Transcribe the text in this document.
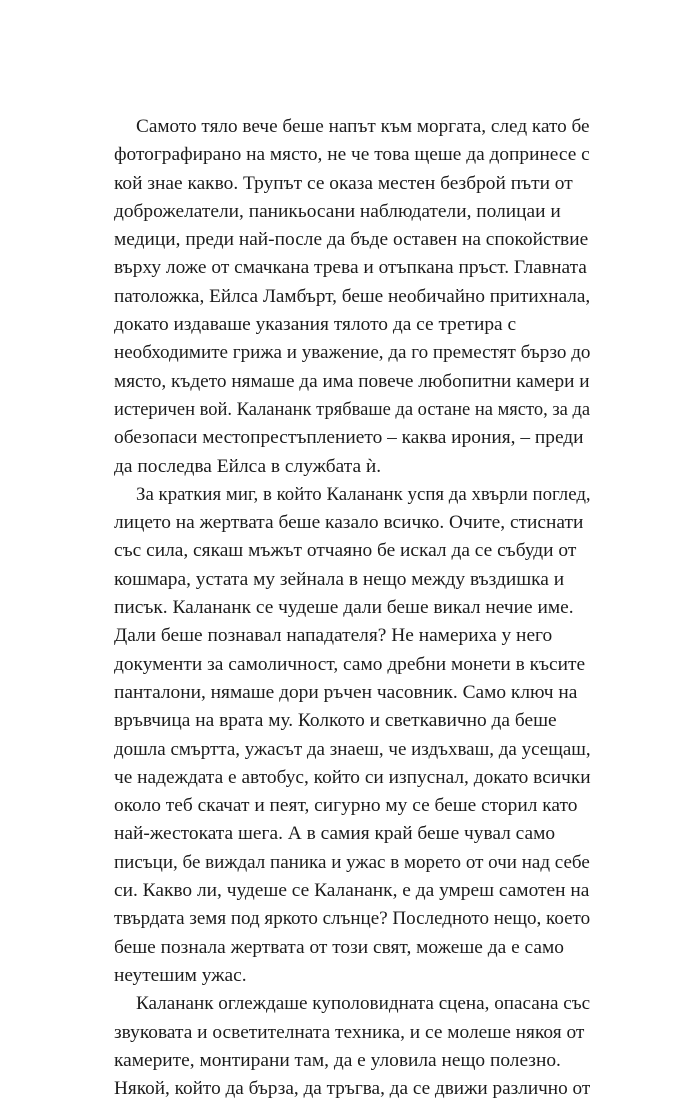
Самото тяло вече беше напът към моргата, след като бе
фотографирано на място, не че това щеше да допринесе с
кой знае какво. Трупът се оказа местен безброй пъти от
доброжелатели, паникьосани наблюдатели, полицаи и
медици, преди най-после да бъде оставен на спокойствие
върху ложе от смачкана трева и отъпкана пръст. Главната
патоложка, Ейлса Ламбърт, беше необичайно притихнала,
докато издаваше указания тялото да се третира с
необходимите грижа и уважение, да го преместят бързо до
място, където нямаше да има повече любопитни камери и
истеричен вой. Калананк трябваше да остане на място, за да
обезопаси местопрестъплението – каква ирония, – преди
да последва Ейлса в службата ѝ.
За краткия миг, в който Калананк успя да хвърли поглед,
лицето на жертвата беше казало всичко. Очите, стиснати
със сила, сякаш мъжът отчаяно бе искал да се събуди от
кошмара, устата му зейнала в нещо между въздишка и
писък. Калананк се чудеше дали беше викал нечие име.
Дали беше познавал нападателя? Не намериха у него
документи за самоличност, само дребни монети в късите
панталони, нямаше дори ръчен часовник. Само ключ на
връвчица на врата му. Колкото и светкавично да беше
дошла смъртта, ужасът да знаеш, че издъхваш, да усещаш,
че надеждата е автобус, който си изпуснал, докато всички
около теб скачат и пеят, сигурно му се беше сторил като
най-жестоката шега. А в самия край беше чувал само
писъци, бе виждал паника и ужас в морето от очи над себе
си. Какво ли, чудеше се Калананк, е да умреш самотен на
твърдата земя под яркото слънце? Последното нещо, което
беше познала жертвата от този свят, можеше да е само
неутешим ужас.
Калананк оглеждаше куполовидната сцена, опасана със
звуковата и осветителната техника, и се молеше някоя от
камерите, монтирани там, да е уловила нещо полезно.
Някой, който да бърза, да тръгва, да се движи различно от
